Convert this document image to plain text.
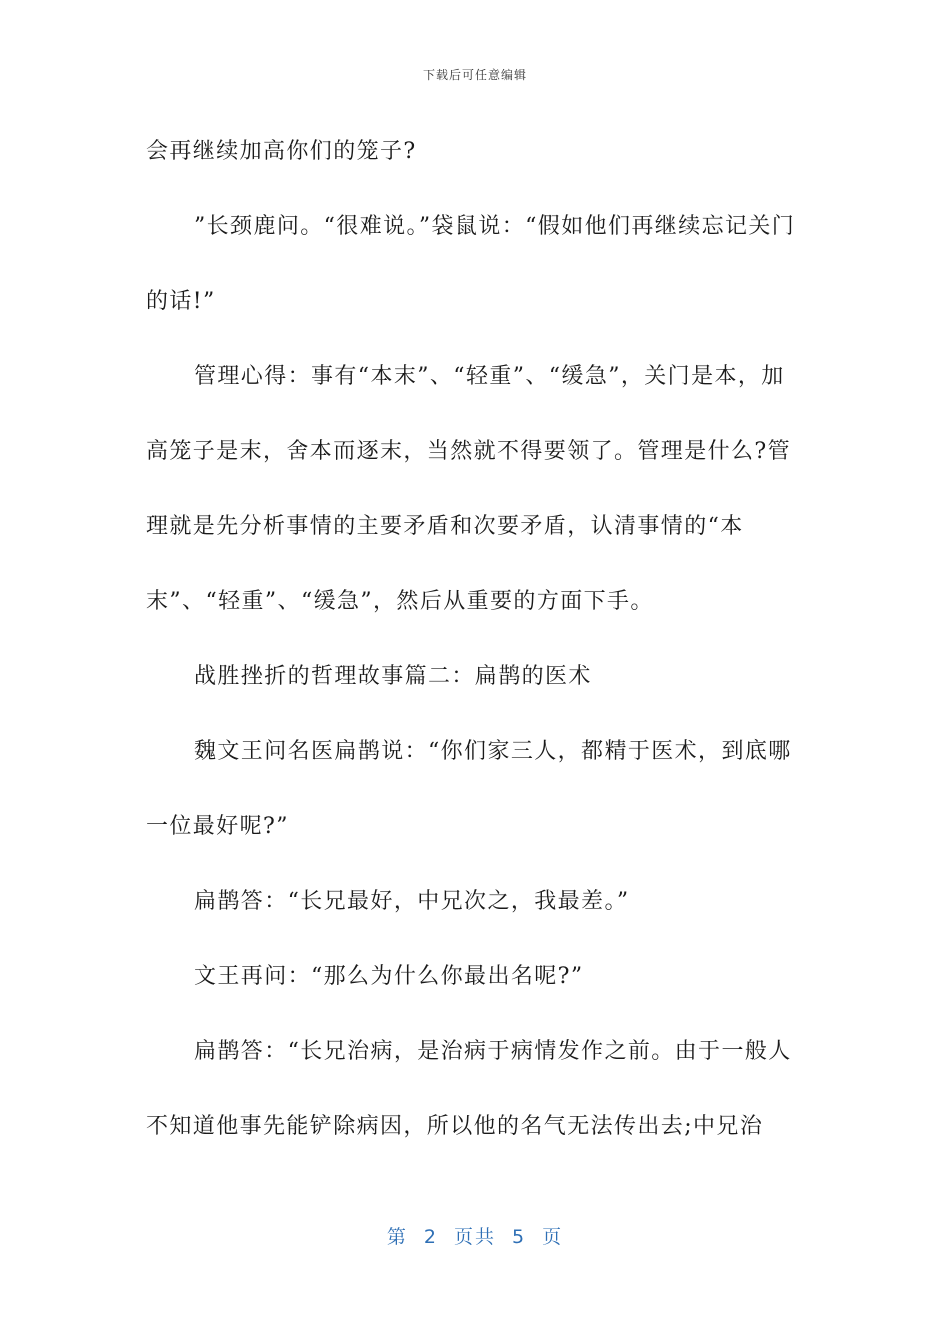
下载后可任意编辑

会再继续加高你们的笼子?

”长颈鹿问。“很难说。”袋鼠说：“假如他们再继续忘记关门的话!”

管理心得：事有“本末”、“轻重”、“缓急”，关门是本，加高笼子是末，舍本而逐末，当然就不得要领了。管理是什么?管理就是先分析事情的主要矛盾和次要矛盾，认清事情的“本末”、“轻重”、“缓急”，然后从重要的方面下手。

战胜挫折的哲理故事篇二：扁鹊的医术

魏文王问名医扁鹊说：“你们家三人，都精于医术，到底哪一位最好呢?”

扁鹊答：“长兄最好，中兄次之，我最差。”

文王再问：“那么为什么你最出名呢?”

扁鹊答：“长兄治病，是治病于病情发作之前。由于一般人不知道他事先能铲除病因，所以他的名气无法传出去;中兄治

第 2 页共 5 页
